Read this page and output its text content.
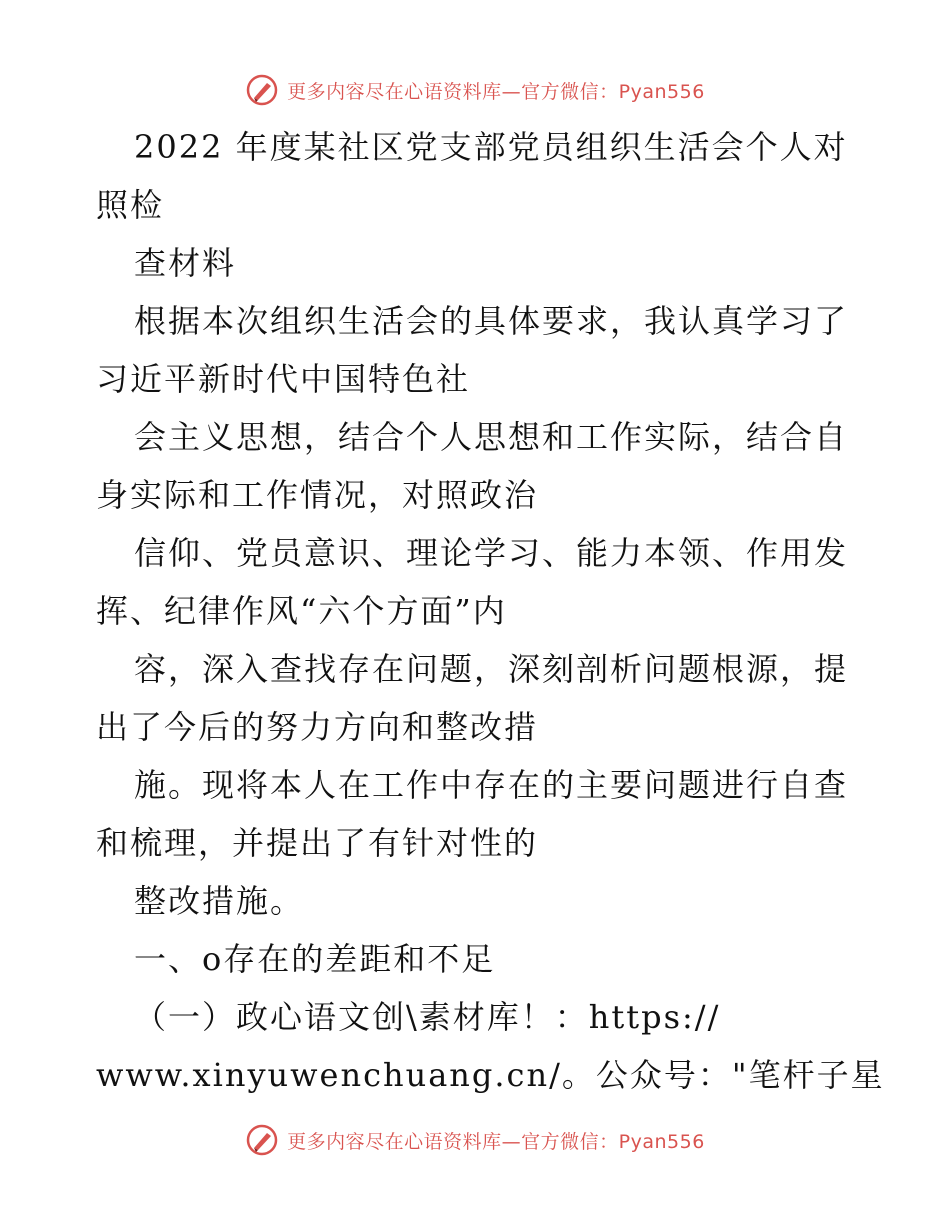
更多内容尽在心语资料库—官方微信：Pyan556
2022 年度某社区党支部党员组织生活会个人对
照检
查材料
根据本次组织生活会的具体要求，我认真学习了
习近平新时代中国特色社
会主义思想，结合个人思想和工作实际，结合自
身实际和工作情况，对照政治
信仰、党员意识、理论学习、能力本领、作用发
挥、纪律作风“六个方面”内
容，深入查找存在问题，深刻剖析问题根源，提
出了今后的努力方向和整改措
施。现将本人在工作中存在的主要问题进行自查
和梳理，并提出了有针对性的
整改措施。
一、o存在的差距和不足
（一）政心语文创\素材库！：https://
www.xinyuwenchuang.cn/。公众号："笔杆子星
更多内容尽在心语资料库—官方微信：Pyan556
